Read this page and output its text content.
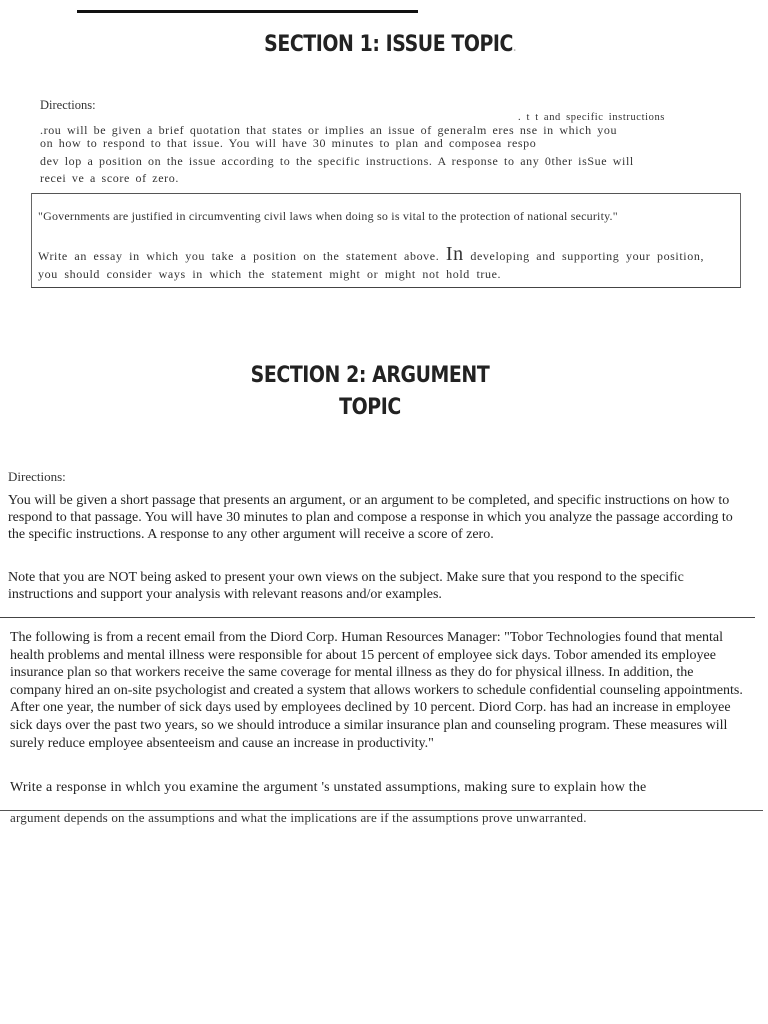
SECTION 1: ISSUE TOPIC.
Directions:
. t t and specific instructions
.rou will be given a brief quotation that states or implies an issue of generalm eres nse in which you
on how to respond to that issue. You will have 30 minutes to plan and composea respo
dev lop a position on the issue according to the specific instructions. A response to any 0ther isSue will
recei ve a score of zero.
"Governments are justified in circumventing civil laws when doing so is vital to the protection of national security."
Write an essay in which you take a position on the statement above. In developing and supporting your position, you should consider ways in which the statement might or might not hold true.
SECTION 2: ARGUMENT
TOPIC
Directions:
You will be given a short passage that presents an argument, or an argument to be completed, and specific instructions on how to respond to that passage. You will have 30 minutes to plan and compose a response in which you analyze the passage according to the specific instructions. A response to any other argument will receive a score of zero.
Note that you are NOT being asked to present your own views on the subject. Make sure that you respond to the specific instructions and support your analysis with relevant reasons and/or examples.
The following is from a recent email from the Diord Corp. Human Resources Manager: "Tobor Technologies found that mental health problems and mental illness were responsible for about 15 percent of employee sick days. Tobor amended its employee insurance plan so that workers receive the same coverage for mental illness as they do for physical illness. In addition, the company hired an on-site psychologist and created a system that allows workers to schedule confidential counseling appointments. After one year, the number of sick days used by employees declined by 10 percent. Diord Corp. has had an increase in employee sick days over the past two years, so we should introduce a similar insurance plan and counseling program. These measures will surely reduce employee absenteeism and cause an increase in productivity."
Write a response in whlch you examine the argument 's unstated assumptions, making sure to explain how the
argument depends on the assumptions and what the implications are if the assumptions prove unwarranted.
